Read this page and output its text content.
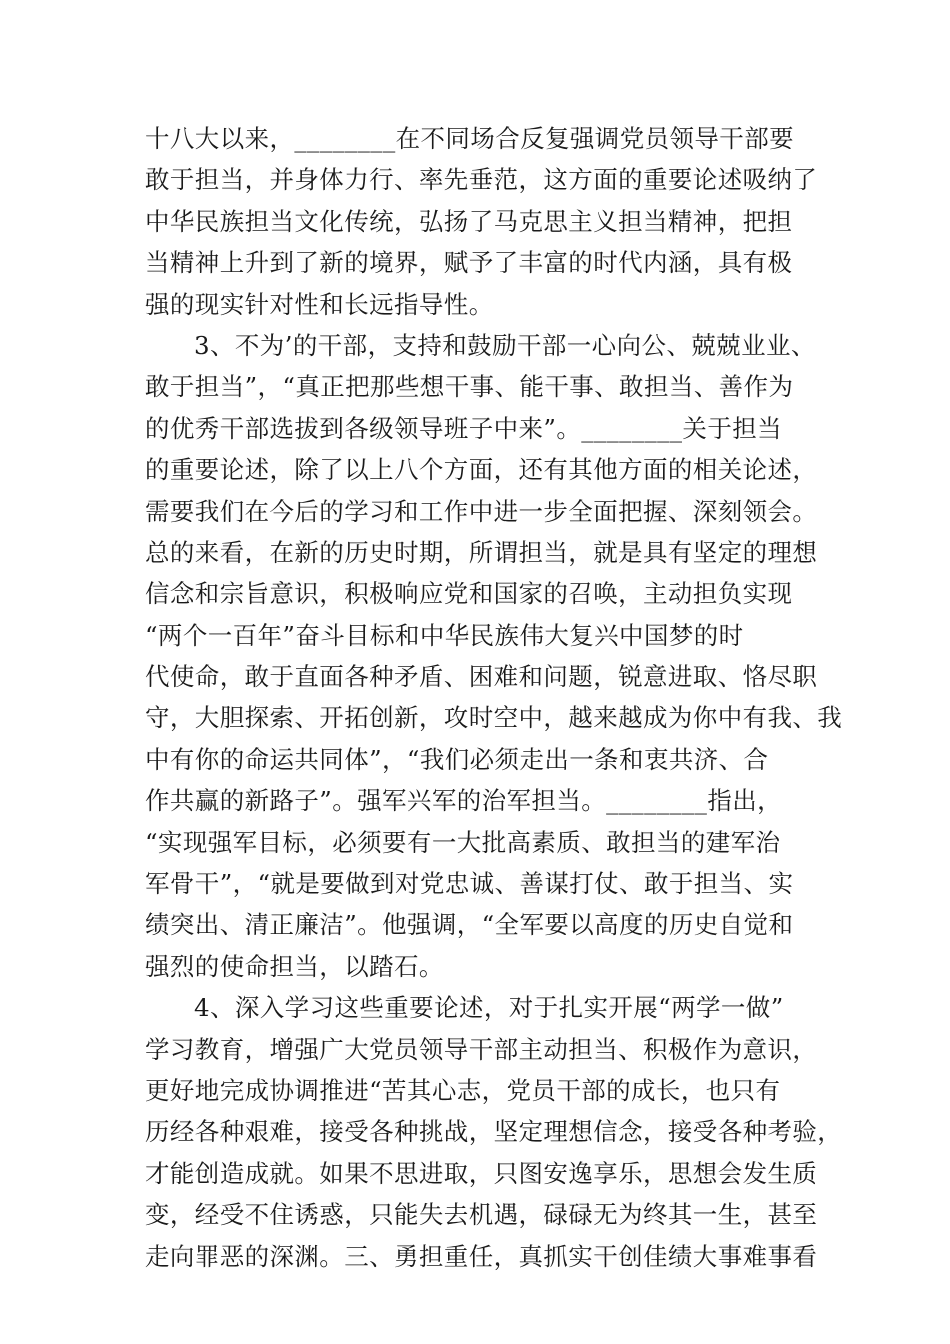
十八大以来，________在不同场合反复强调党员领导干部要
敢于担当，并身体力行、率先垂范，这方面的重要论述吸纳了
中华民族担当文化传统，弘扬了马克思主义担当精神，把担
当精神上升到了新的境界，赋予了丰富的时代内涵，具有极
强的现实针对性和长远指导性。
3、不为’的干部，支持和鼓励干部一心向公、兢兢业业、
敢于担当”，“真正把那些想干事、能干事、敢担当、善作为
的优秀干部选拔到各级领导班子中来”。________关于担当
的重要论述，除了以上八个方面，还有其他方面的相关论述，
需要我们在今后的学习和工作中进一步全面把握、深刻领会。
总的来看，在新的历史时期，所谓担当，就是具有坚定的理想
信念和宗旨意识，积极响应党和国家的召唤，主动担负实现
“两个一百年”奋斗目标和中华民族伟大复兴中国梦的时
代使命，敢于直面各种矛盾、困难和问题，锐意进取、恪尽职
守，大胆探索、开拓创新，攻时空中，越来越成为你中有我、我
中有你的命运共同体”，“我们必须走出一条和衷共济、合
作共赢的新路子”。强军兴军的治军担当。________指出，
“实现强军目标，必须要有一大批高素质、敢担当的建军治
军骨干”，“就是要做到对党忠诚、善谋打仗、敢于担当、实
绩突出、清正廉洁”。他强调，“全军要以高度的历史自觉和
强烈的使命担当，以踏石。
4、深入学习这些重要论述，对于扎实开展“两学一做”
学习教育，增强广大党员领导干部主动担当、积极作为意识，
更好地完成协调推进“苦其心志，党员干部的成长，也只有
历经各种艰难，接受各种挑战，坚定理想信念，接受各种考验，
才能创造成就。如果不思进取，只图安逸享乐，思想会发生质
变，经受不住诱惑，只能失去机遇，碌碌无为终其一生，甚至
走向罪恶的深渊。三、勇担重任，真抓实干创佳绩大事难事看
